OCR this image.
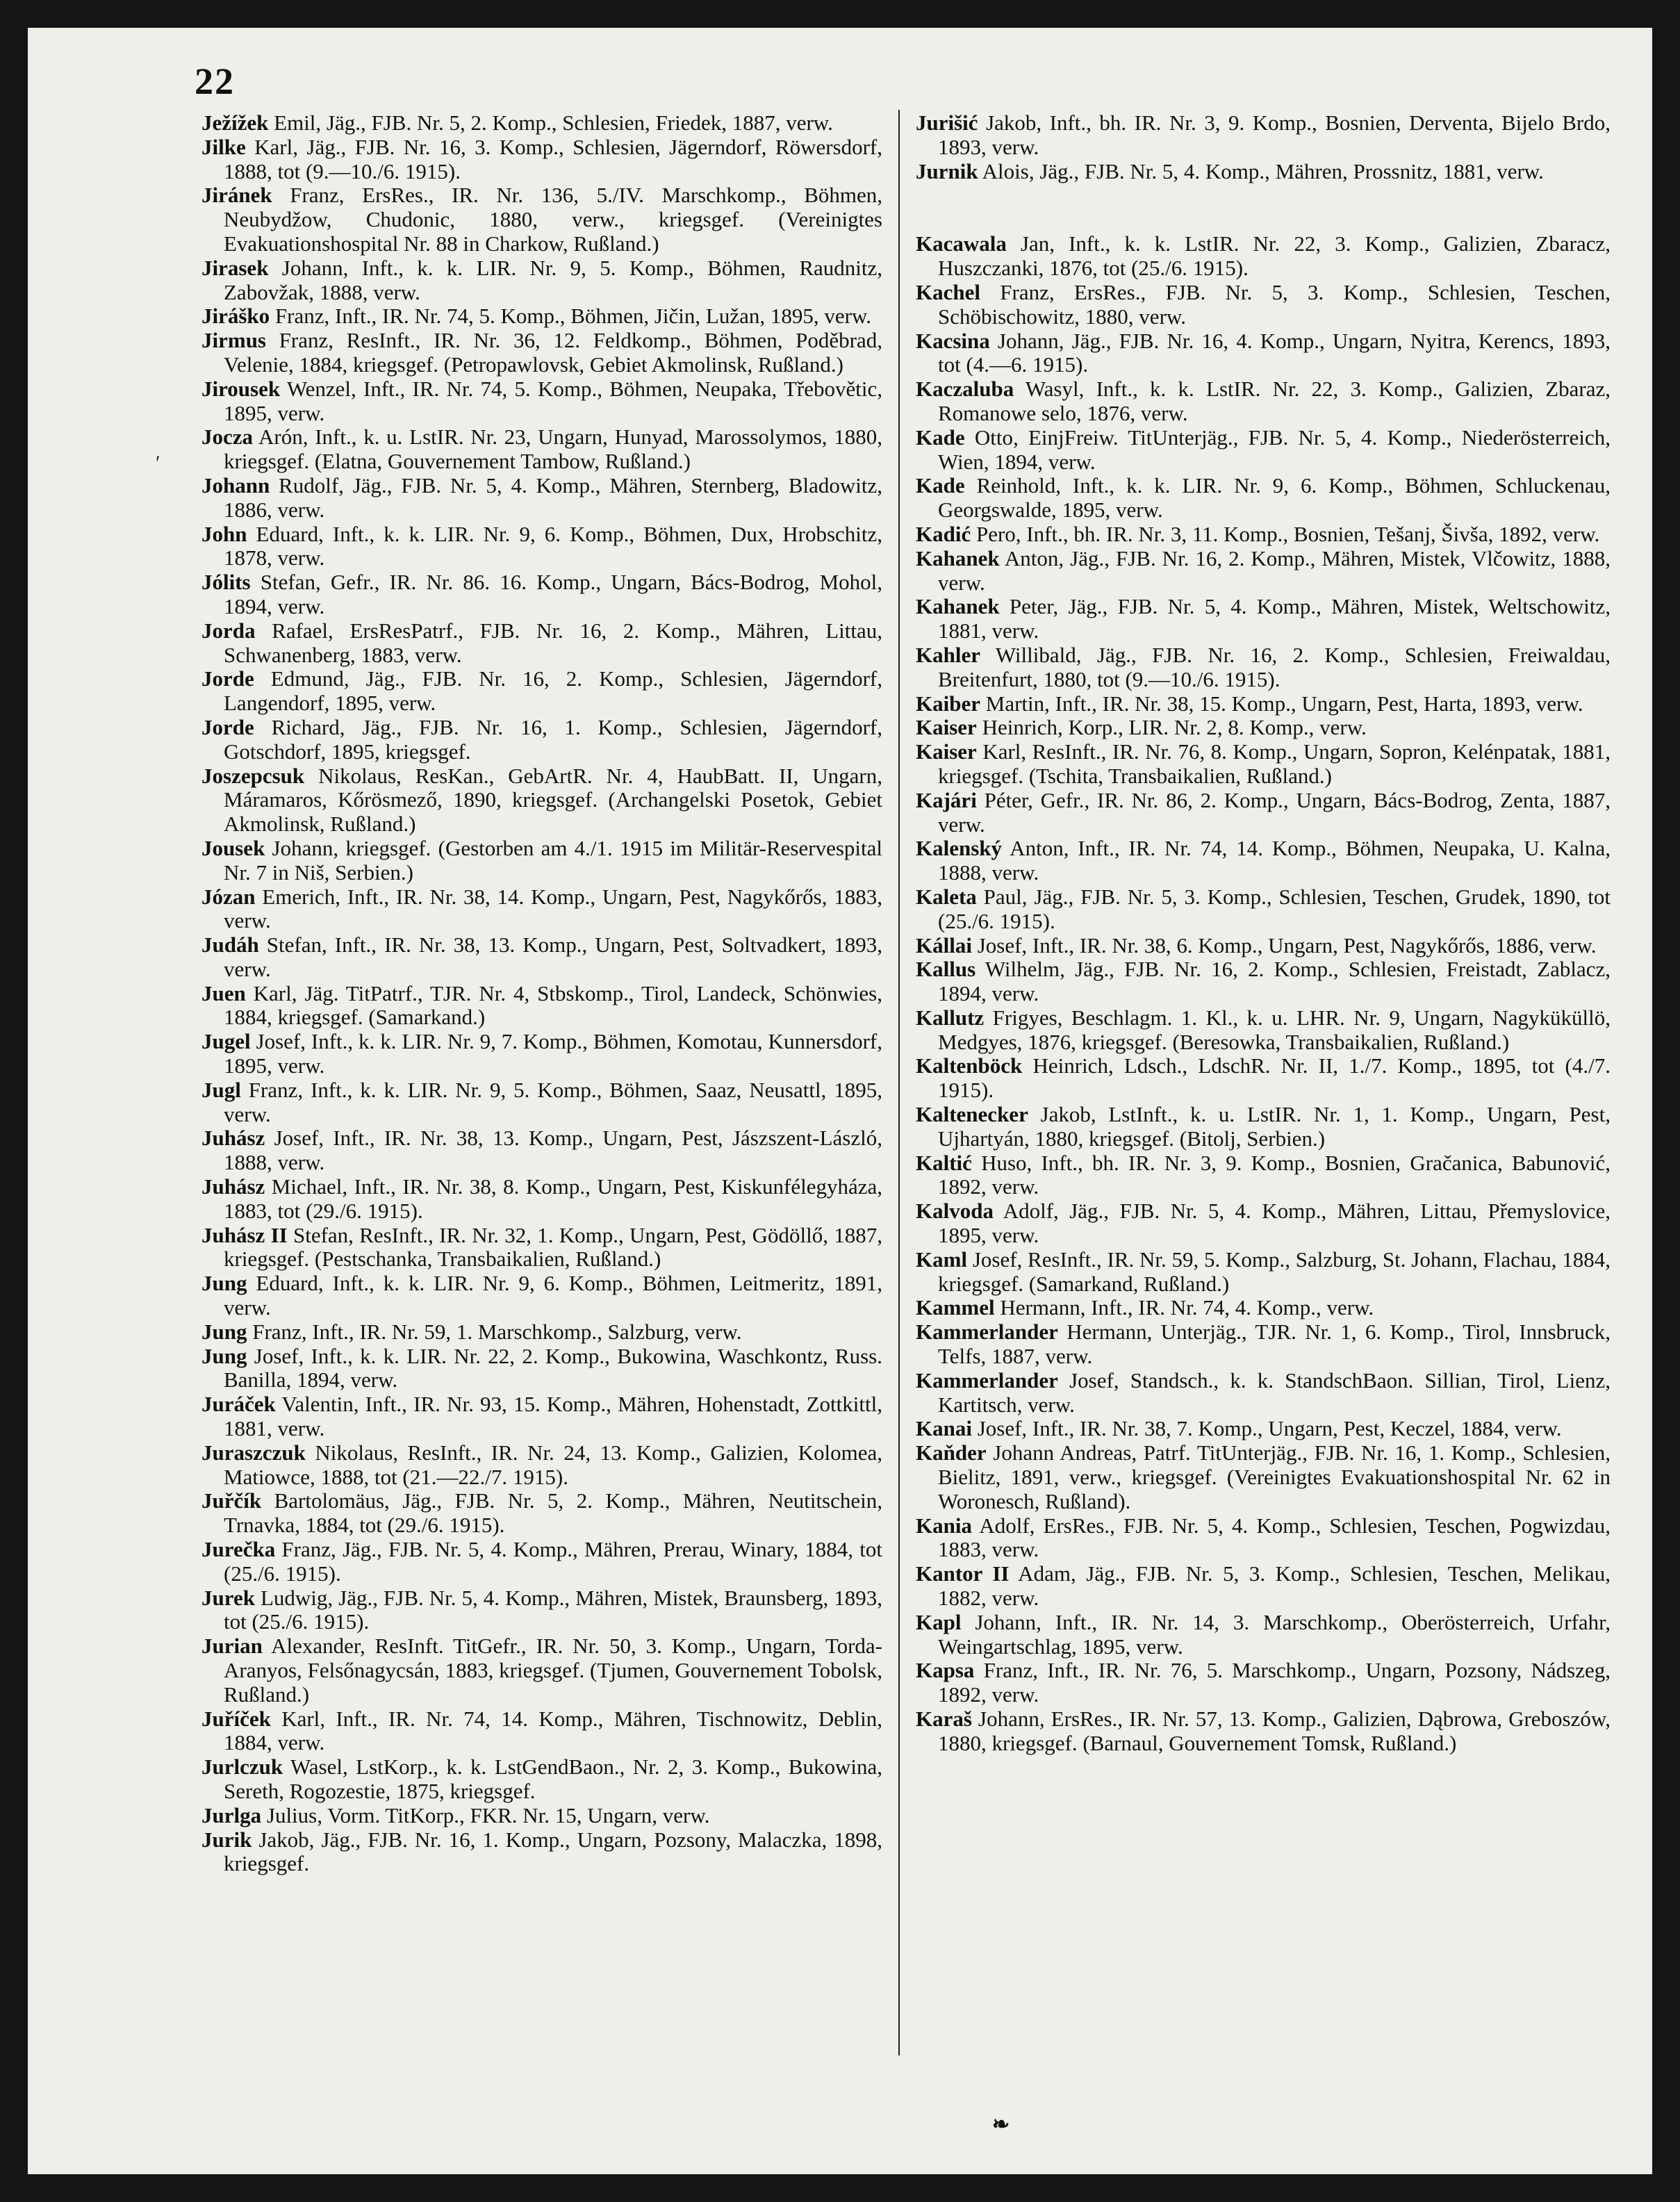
22

Ježížek Emil, Jäg., FJB. Nr. 5, 2. Komp., Schlesien, Friedek, 1887, verw.

Jilke Karl, Jäg., FJB. Nr. 16, 3. Komp., Schlesien, Jägerndorf, Röwersdorf, 1888, tot (9.—10./6. 1915).

Jiránek Franz, ErsRes., IR. Nr. 136, 5./IV. Marschkomp., Böhmen, Neubydžow, Chudonic, 1880, verw., kriegsgef. (Vereinigtes Evakuationshospital Nr. 88 in Charkow, Rußland.)

Jirasek Johann, Inft., k. k. LIR. Nr. 9, 5. Komp., Böhmen, Raudnitz, Zabovžak, 1888, verw.

Jiráško Franz, Inft., IR. Nr. 74, 5. Komp., Böhmen, Jičin, Lužan, 1895, verw.

Jirmus Franz, ResInft., IR. Nr. 36, 12. Feldkomp., Böhmen, Poděbrad, Velenie, 1884, kriegsgef. (Petropawlovsk, Gebiet Akmolinsk, Rußland.)

Jirousek Wenzel, Inft., IR. Nr. 74, 5. Komp., Böhmen, Neupaka, Třebovětic, 1895, verw.

Jocza Arón, Inft., k. u. LstIR. Nr. 23, Ungarn, Hunyad, Marossolymos, 1880, kriegsgef. (Elatna, Gouvernement Tambow, Rußland.)

Johann Rudolf, Jäg., FJB. Nr. 5, 4. Komp., Mähren, Sternberg, Bladowitz, 1886, verw.

John Eduard, Inft., k. k. LIR. Nr. 9, 6. Komp., Böhmen, Dux, Hrobschitz, 1878, verw.

Jólits Stefan, Gefr., IR. Nr. 86. 16. Komp., Ungarn, Bács-Bodrog, Mohol, 1894, verw.

Jorda Rafael, ErsResPatrf., FJB. Nr. 16, 2. Komp., Mähren, Littau, Schwanenberg, 1883, verw.

Jorde Edmund, Jäg., FJB. Nr. 16, 2. Komp., Schlesien, Jägerndorf, Langendorf, 1895, verw.

Jorde Richard, Jäg., FJB. Nr. 16, 1. Komp., Schlesien, Jägerndorf, Gotschdorf, 1895, kriegsgef.

Joszepcsuk Nikolaus, ResKan., GebArtR. Nr. 4, HaubBatt. II, Ungarn, Máramaros, Kőrösmező, 1890, kriegsgef. (Archangelski Posetok, Gebiet Akmolinsk, Rußland.)

Jousek Johann, kriegsgef. (Gestorben am 4./1. 1915 im Militär-Reservespital Nr. 7 in Niš, Serbien.)

Józan Emerich, Inft., IR. Nr. 38, 14. Komp., Ungarn, Pest, Nagykőrős, 1883, verw.

Judáh Stefan, Inft., IR. Nr. 38, 13. Komp., Ungarn, Pest, Soltvadkert, 1893, verw.

Juen Karl, Jäg. TitPatrf., TJR. Nr. 4, Stbskomp., Tirol, Landeck, Schönwies, 1884, kriegsgef. (Samarkand.)

Jugel Josef, Inft., k. k. LIR. Nr. 9, 7. Komp., Böhmen, Komotau, Kunnersdorf, 1895, verw.

Jugl Franz, Inft., k. k. LIR. Nr. 9, 5. Komp., Böhmen, Saaz, Neusattl, 1895, verw.

Juhász Josef, Inft., IR. Nr. 38, 13. Komp., Ungarn, Pest, Jászszent-László, 1888, verw.

Juhász Michael, Inft., IR. Nr. 38, 8. Komp., Ungarn, Pest, Kiskunfélegyháza, 1883, tot (29./6. 1915).

Juhász II Stefan, ResInft., IR. Nr. 32, 1. Komp., Ungarn, Pest, Gödöllő, 1887, kriegsgef. (Pestschanka, Transbaikalien, Rußland.)

Jung Eduard, Inft., k. k. LIR. Nr. 9, 6. Komp., Böhmen, Leitmeritz, 1891, verw.

Jung Franz, Inft., IR. Nr. 59, 1. Marschkomp., Salzburg, verw.

Jung Josef, Inft., k. k. LIR. Nr. 22, 2. Komp., Bukowina, Waschkontz, Russ. Banilla, 1894, verw.

Juráček Valentin, Inft., IR. Nr. 93, 15. Komp., Mähren, Hohenstadt, Zottkittl, 1881, verw.

Juraszczuk Nikolaus, ResInft., IR. Nr. 24, 13. Komp., Galizien, Kolomea, Matiowce, 1888, tot (21.—22./7. 1915).

Juřčík Bartolomäus, Jäg., FJB. Nr. 5, 2. Komp., Mähren, Neutitschein, Trnavka, 1884, tot (29./6. 1915).

Jurečka Franz, Jäg., FJB. Nr. 5, 4. Komp., Mähren, Prerau, Winary, 1884, tot (25./6. 1915).

Jurek Ludwig, Jäg., FJB. Nr. 5, 4. Komp., Mähren, Mistek, Braunsberg, 1893, tot (25./6. 1915).

Jurian Alexander, ResInft. TitGefr., IR. Nr. 50, 3. Komp., Ungarn, Torda-Aranyos, Felsőnagycsán, 1883, kriegsgef. (Tjumen, Gouvernement Tobolsk, Rußland.)

Juříček Karl, Inft., IR. Nr. 74, 14. Komp., Mähren, Tischnowitz, Deblin, 1884, verw.

Jurlczuk Wasel, LstKorp., k. k. LstGendBaon., Nr. 2, 3. Komp., Bukowina, Sereth, Rogozestie, 1875, kriegsgef.

Jurlga Julius, Vorm. TitKorp., FKR. Nr. 15, Ungarn, verw.

Jurik Jakob, Jäg., FJB. Nr. 16, 1. Komp., Ungarn, Pozsony, Malaczka, 1898, kriegsgef.

Jurišić Jakob, Inft., bh. IR. Nr. 3, 9. Komp., Bosnien, Derventa, Bijelo Brdo, 1893, verw.

Jurnik Alois, Jäg., FJB. Nr. 5, 4. Komp., Mähren, Prossnitz, 1881, verw.

Kacawala Jan, Inft., k. k. LstIR. Nr. 22, 3. Komp., Galizien, Zbaracz, Huszczanki, 1876, tot (25./6. 1915).

Kachel Franz, ErsRes., FJB. Nr. 5, 3. Komp., Schlesien, Teschen, Schöbischowitz, 1880, verw.

Kacsina Johann, Jäg., FJB. Nr. 16, 4. Komp., Ungarn, Nyitra, Kerencs, 1893, tot (4.—6. 1915).

Kaczaluba Wasyl, Inft., k. k. LstIR. Nr. 22, 3. Komp., Galizien, Zbaraz, Romanowe selo, 1876, verw.

Kade Otto, EinjFreiw. TitUnterjäg., FJB. Nr. 5, 4. Komp., Niederösterreich, Wien, 1894, verw.

Kade Reinhold, Inft., k. k. LIR. Nr. 9, 6. Komp., Böhmen, Schluckenau, Georgswalde, 1895, verw.

Kadić Pero, Inft., bh. IR. Nr. 3, 11. Komp., Bosnien, Tešanj, Šivša, 1892, verw.

Kahanek Anton, Jäg., FJB. Nr. 16, 2. Komp., Mähren, Mistek, Vlčowitz, 1888, verw.

Kahanek Peter, Jäg., FJB. Nr. 5, 4. Komp., Mähren, Mistek, Weltschowitz, 1881, verw.

Kahler Willibald, Jäg., FJB. Nr. 16, 2. Komp., Schlesien, Freiwaldau, Breitenfurt, 1880, tot (9.—10./6. 1915).

Kaiber Martin, Inft., IR. Nr. 38, 15. Komp., Ungarn, Pest, Harta, 1893, verw.

Kaiser Heinrich, Korp., LIR. Nr. 2, 8. Komp., verw.

Kaiser Karl, ResInft., IR. Nr. 76, 8. Komp., Ungarn, Sopron, Kelénpatak, 1881, kriegsgef. (Tschita, Transbaikalien, Rußland.)

Kajári Péter, Gefr., IR. Nr. 86, 2. Komp., Ungarn, Bács-Bodrog, Zenta, 1887, verw.

Kalenský Anton, Inft., IR. Nr. 74, 14. Komp., Böhmen, Neupaka, U. Kalna, 1888, verw.

Kaleta Paul, Jäg., FJB. Nr. 5, 3. Komp., Schlesien, Teschen, Grudek, 1890, tot (25./6. 1915).

Kállai Josef, Inft., IR. Nr. 38, 6. Komp., Ungarn, Pest, Nagykőrős, 1886, verw.

Kallus Wilhelm, Jäg., FJB. Nr. 16, 2. Komp., Schlesien, Freistadt, Zablacz, 1894, verw.

Kallutz Frigyes, Beschlagm. 1. Kl., k. u. LHR. Nr. 9, Ungarn, Nagyküküllö, Medgyes, 1876, kriegsgef. (Beresowka, Transbaikalien, Rußland.)

Kaltenböck Heinrich, Ldsch., LdschR. Nr. II, 1./7. Komp., 1895, tot (4./7. 1915).

Kaltenecker Jakob, LstInft., k. u. LstIR. Nr. 1, 1. Komp., Ungarn, Pest, Ujhartyán, 1880, kriegsgef. (Bitolj, Serbien.)

Kaltić Huso, Inft., bh. IR. Nr. 3, 9. Komp., Bosnien, Gračanica, Babunović, 1892, verw.

Kalvoda Adolf, Jäg., FJB. Nr. 5, 4. Komp., Mähren, Littau, Přemyslovice, 1895, verw.

Kaml Josef, ResInft., IR. Nr. 59, 5. Komp., Salzburg, St. Johann, Flachau, 1884, kriegsgef. (Samarkand, Rußland.)

Kammel Hermann, Inft., IR. Nr. 74, 4. Komp., verw.

Kammerlander Hermann, Unterjäg., TJR. Nr. 1, 6. Komp., Tirol, Innsbruck, Telfs, 1887, verw.

Kammerlander Josef, Standsch., k. k. StandschBaon. Sillian, Tirol, Lienz, Kartitsch, verw.

Kanai Josef, Inft., IR. Nr. 38, 7. Komp., Ungarn, Pest, Keczel, 1884, verw.

Kaňder Johann Andreas, Patrf. TitUnterjäg., FJB. Nr. 16, 1. Komp., Schlesien, Bielitz, 1891, verw., kriegsgef. (Vereinigtes Evakuationshospital Nr. 62 in Woronesch, Rußland).

Kania Adolf, ErsRes., FJB. Nr. 5, 4. Komp., Schlesien, Teschen, Pogwizdau, 1883, verw.

Kantor II Adam, Jäg., FJB. Nr. 5, 3. Komp., Schlesien, Teschen, Melikau, 1882, verw.

Kapl Johann, Inft., IR. Nr. 14, 3. Marschkomp., Oberösterreich, Urfahr, Weingartschlag, 1895, verw.

Kapsa Franz, Inft., IR. Nr. 76, 5. Marschkomp., Ungarn, Pozsony, Nádszeg, 1892, verw.

Karaš Johann, ErsRes., IR. Nr. 57, 13. Komp., Galizien, Dąbrowa, Greboszów, 1880, kriegsgef. (Barnaul, Gouvernement Tomsk, Rußland.)

′
❧
